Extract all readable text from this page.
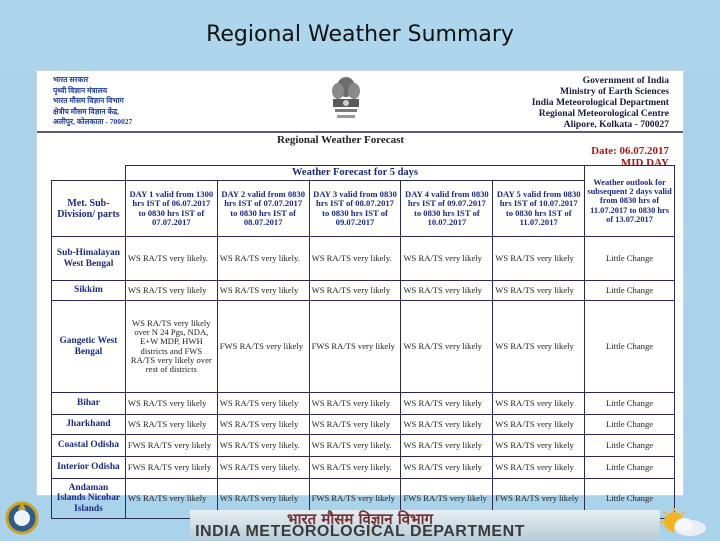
Regional Weather Summary
भारत सरकार
पृथ्वी विज्ञान मंत्रालय
भारत मौसम विज्ञान विभाग
क्षेत्रीय मौसम विज्ञान केंद्र,
अलीपुर, कोलकाता - 700027
Government of India
Ministry of Earth Sciences
India Meteorological Department
Regional Meteorological Centre
Alipore, Kolkata - 700027
Regional Weather Forecast
Date: 06.07.2017
MID DAY
	Weather Forecast for 5 days					Weather outlook for subsequent 2 days valid from 0830 hrs of 11.07.2017 to 0830 hrs of 13.07.2017
Met. Sub-Division/ parts	DAY 1 valid from 1300 hrs IST of 06.07.2017 to 0830 hrs IST of 07.07.2017	DAY 2 valid from 0830 hrs IST of 07.07.2017 to 0830 hrs IST of 08.07.2017	DAY 3 valid from 0830 hrs IST of 08.07.2017 to 0830 hrs IST of 09.07.2017	DAY 4 valid from 0830 hrs IST of 09.07.2017 to 0830 hrs IST of 10.07.2017	DAY 5 valid from 0830 hrs IST of 10.07.2017 to 0830 hrs IST of 11.07.2017	
Sub-Himalayan West Bengal	WS RA/TS very likely.	WS RA/TS very likely.	WS RA/TS very likely.	WS RA/TS very likely	WS RA/TS very likely	Little Change
Sikkim	WS RA/TS very likely	WS RA/TS very likely	WS RA/TS very likely	WS RA/TS very likely	WS RA/TS very likely	Little Change
Gangetic West Bengal	WS RA/TS very likely over N 24 Pgs, NDA, E+W MDP, HWH districts and FWS RA/TS very likely over rest of districts	FWS RA/TS very likely	FWS RA/TS very likely	WS RA/TS very likely	WS RA/TS very likely	Little Change
Bihar	WS RA/TS very likely	WS RA/TS very likely	WS RA/TS very likely	WS RA/TS very likely	WS RA/TS very likely	Little Change
Jharkhand	WS RA/TS very likely	WS RA/TS very likely	WS RA/TS very likely	WS RA/TS very likely	WS RA/TS very likely	Little Change
Coastal Odisha	FWS RA/TS very likely	WS RA/TS very likely.	WS RA/TS very likely.	WS RA/TS very likely	WS RA/TS very likely	Little Change
Interior Odisha	FWS RA/TS very likely	WS RA/TS very likely.	WS RA/TS very likely.	WS RA/TS very likely	WS RA/TS very likely	Little Change
Andaman Islands Nicobar Islands	WS RA/TS very likely	WS RA/TS very likely	FWS RA/TS very likely	FWS RA/TS very likely	FWS RA/TS very likely	Little Change
भारत मौसम विज्ञान विभाग
INDIA METEOROLOGICAL DEPARTMENT
